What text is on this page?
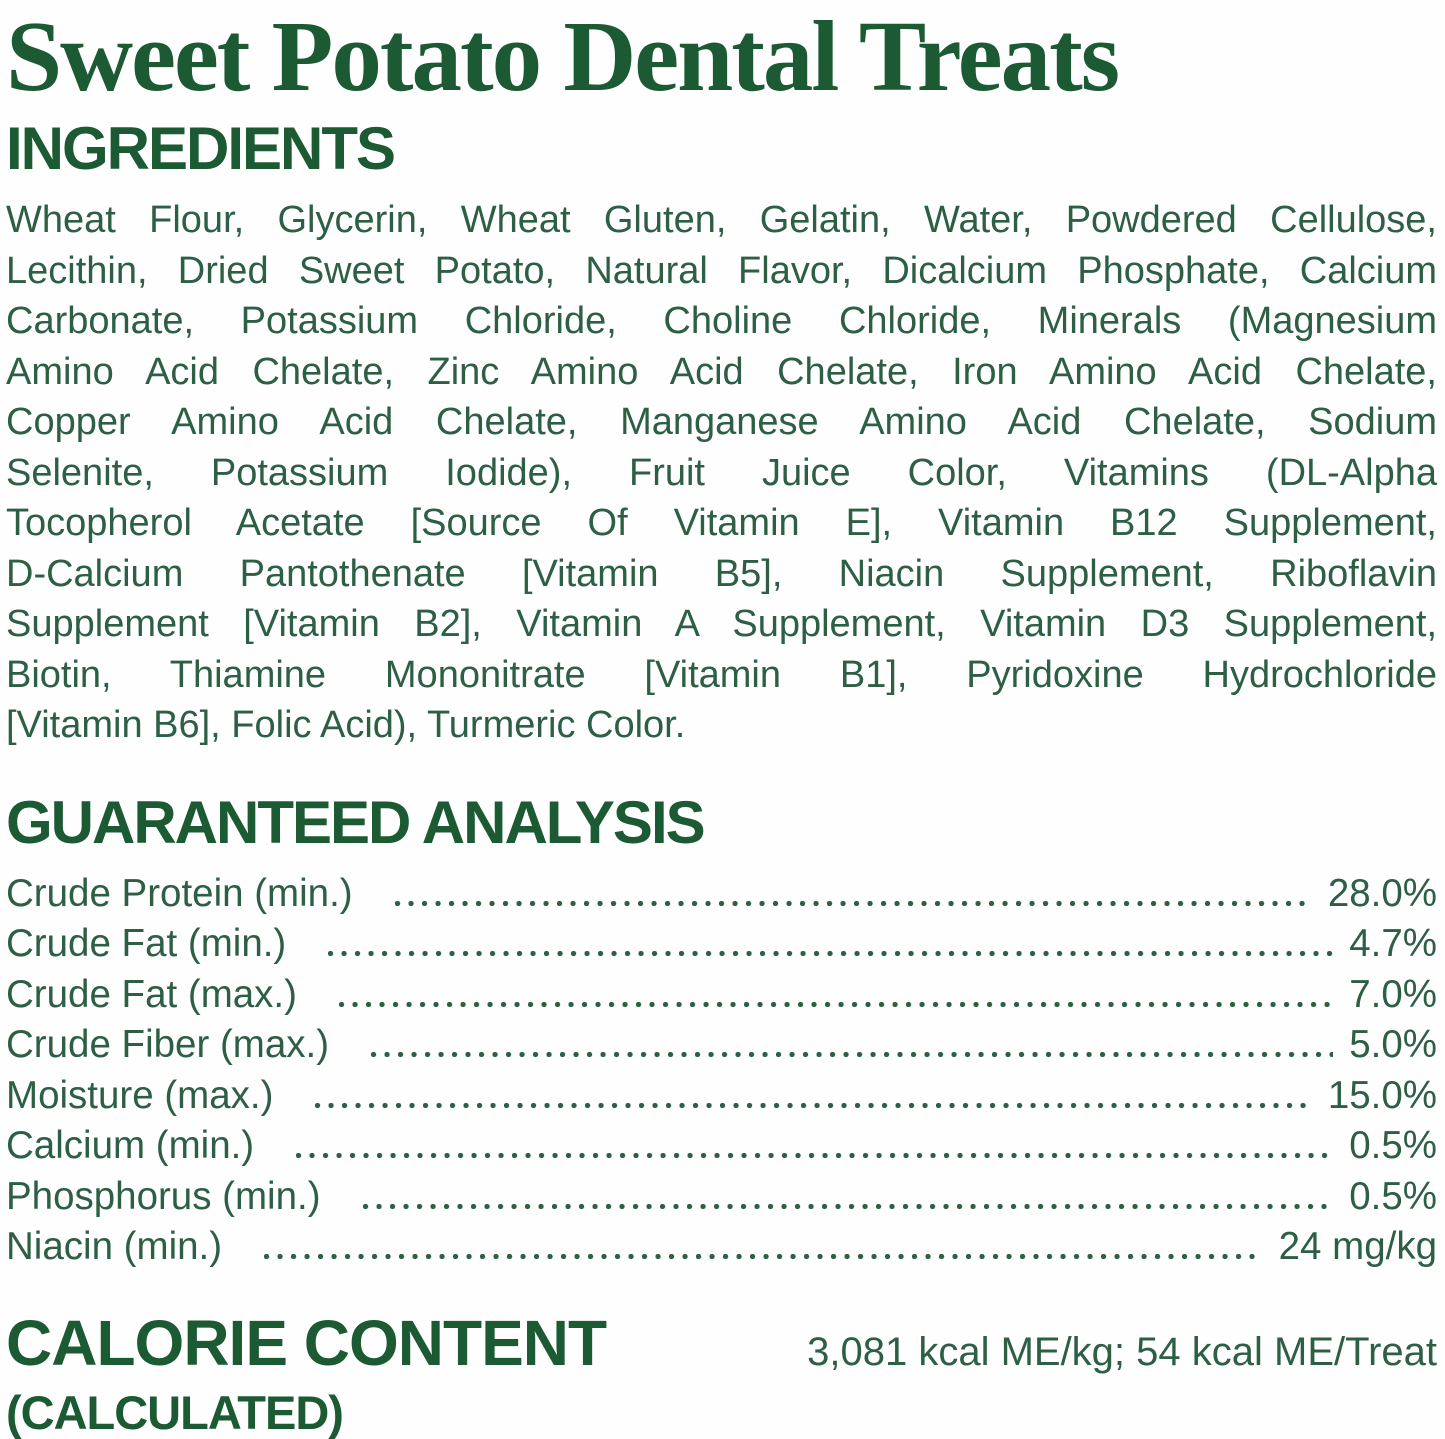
Sweet Potato Dental Treats
INGREDIENTS
Wheat Flour, Glycerin, Wheat Gluten, Gelatin, Water, Powdered Cellulose,
Lecithin, Dried Sweet Potato, Natural Flavor, Dicalcium Phosphate, Calcium
Carbonate, Potassium Chloride, Choline Chloride, Minerals (Magnesium
Amino Acid Chelate, Zinc Amino Acid Chelate, Iron Amino Acid Chelate,
Copper Amino Acid Chelate, Manganese Amino Acid Chelate, Sodium
Selenite, Potassium Iodide), Fruit Juice Color, Vitamins (DL-Alpha
Tocopherol Acetate [Source Of Vitamin E], Vitamin B12 Supplement,
D-Calcium Pantothenate [Vitamin B5], Niacin Supplement, Riboflavin
Supplement [Vitamin B2], Vitamin A Supplement, Vitamin D3 Supplement,
Biotin, Thiamine Mononitrate [Vitamin B1], Pyridoxine Hydrochloride
[Vitamin B6], Folic Acid), Turmeric Color.
GUARANTEED ANALYSIS
Crude Protein (min.)	28.0%
Crude Fat (min.)	4.7%
Crude Fat (max.)	7.0%
Crude Fiber (max.)	5.0%
Moisture (max.)	15.0%
Calcium (min.)	0.5%
Phosphorus (min.)	0.5%
Niacin (min.)	24 mg/kg
CALORIE CONTENT
(CALCULATED)
3,081 kcal ME/kg; 54 kcal ME/Treat
